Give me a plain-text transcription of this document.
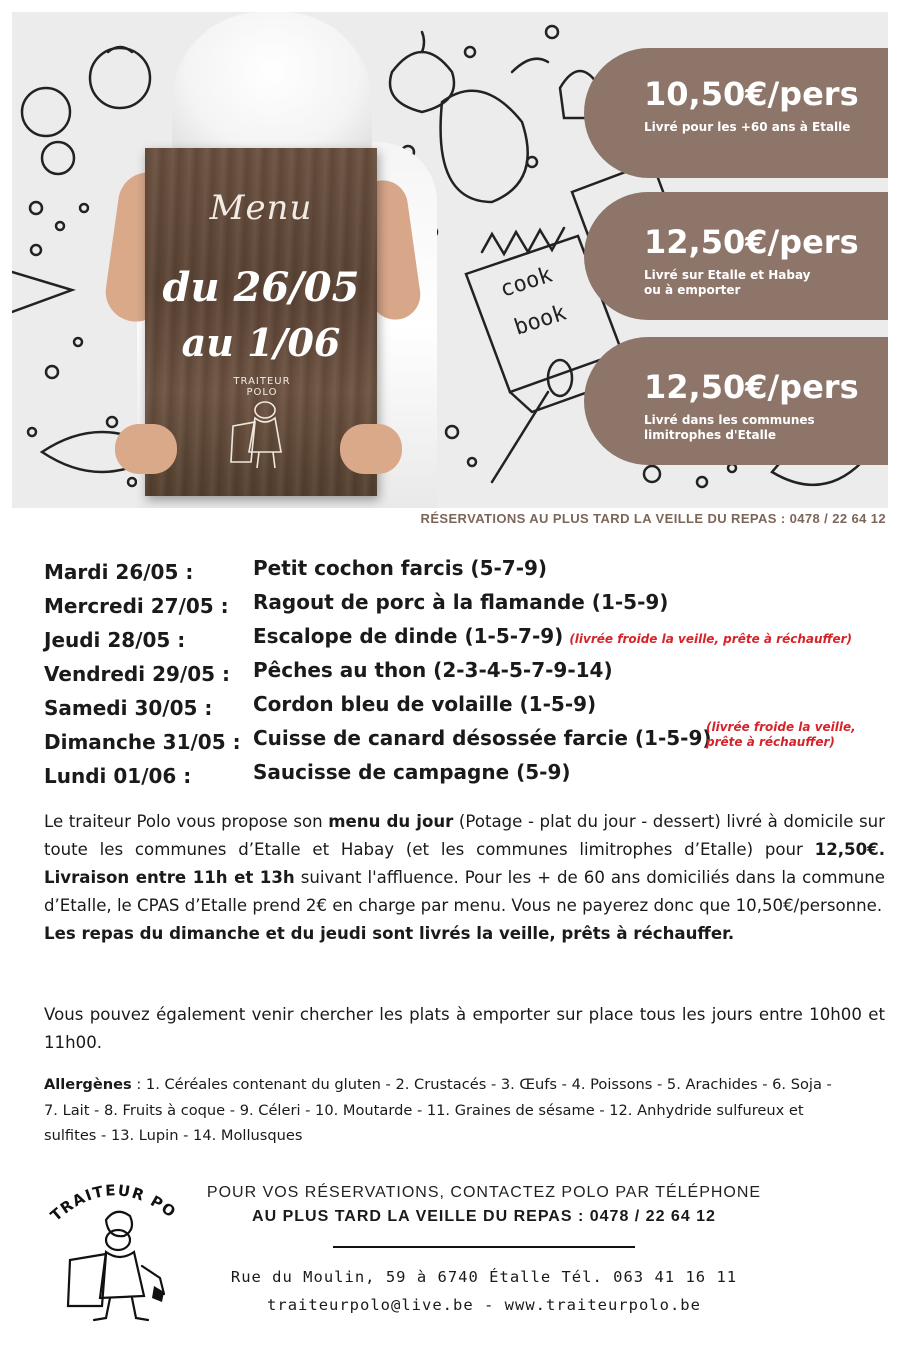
cook
book
Menu
du 26/05
au 1/06
TRAITEUR POLO
10,50€/pers
Livré pour les +60 ans à Etalle
12,50€/pers
Livré sur Etalle et Habay
ou à emporter
12,50€/pers
Livré dans les communes
limitrophes d'Etalle
RÉSERVATIONS AU PLUS TARD LA VEILLE DU REPAS : 0478 / 22 64 12
Mardi 26/05 :	Petit cochon farcis (5-7-9)
Mercredi 27/05 : Ragout de porc à la flamande (1-5-9)
Jeudi 28/05 :	Escalope de dinde (1-5-7-9) (livrée froide la veille, prête à réchauffer)
Vendredi 29/05 : Pêches au thon (2-3-4-5-7-9-14)
Samedi 30/05 : Cordon bleu de volaille (1-5-9)
Dimanche 31/05 : Cuisse de canard désossée farcie (1-5-9)
Lundi 01/06 :	Saucisse de campagne (5-9)
(livrée froide la veille,
prête à réchauffer)
Le traiteur Polo vous propose son menu du jour (Potage - plat du jour - dessert) livré à domicile sur toute les communes d’Etalle et Habay (et les communes limitrophes d’Etalle) pour 12,50€. Livraison entre 11h et 13h suivant l'affluence. Pour les + de 60 ans domiciliés dans la commune d’Etalle, le CPAS d’Etalle prend 2€ en charge par menu. Vous ne payerez donc que 10,50€/personne.
Les repas du dimanche et du jeudi sont livrés la veille, prêts à réchauffer.
Vous pouvez également venir chercher les plats à emporter sur place tous les jours entre 10h00 et 11h00.
Allergènes : 1. Céréales contenant du gluten - 2. Crustacés - 3. Œufs - 4. Poissons - 5. Arachides - 6. Soja - 7. Lait - 8. Fruits à coque - 9. Céleri - 10. Moutarde - 11. Graines de sésame - 12. Anhydride sulfureux et sulfites - 13. Lupin - 14. Mollusques
TRAITEUR P	POUR VOS RÉSERVATIONS, CONTACTEZ POLO PAR TÉLÉPHONE
AU PLUS TARD LA VEILLE DU REPAS : 0478 / 22 64 12
Rue du Moulin, 59 à 6740 Étalle Tél. 063 41 16 11
traiteurpolo@live.be - www.traiteurpolo.be
